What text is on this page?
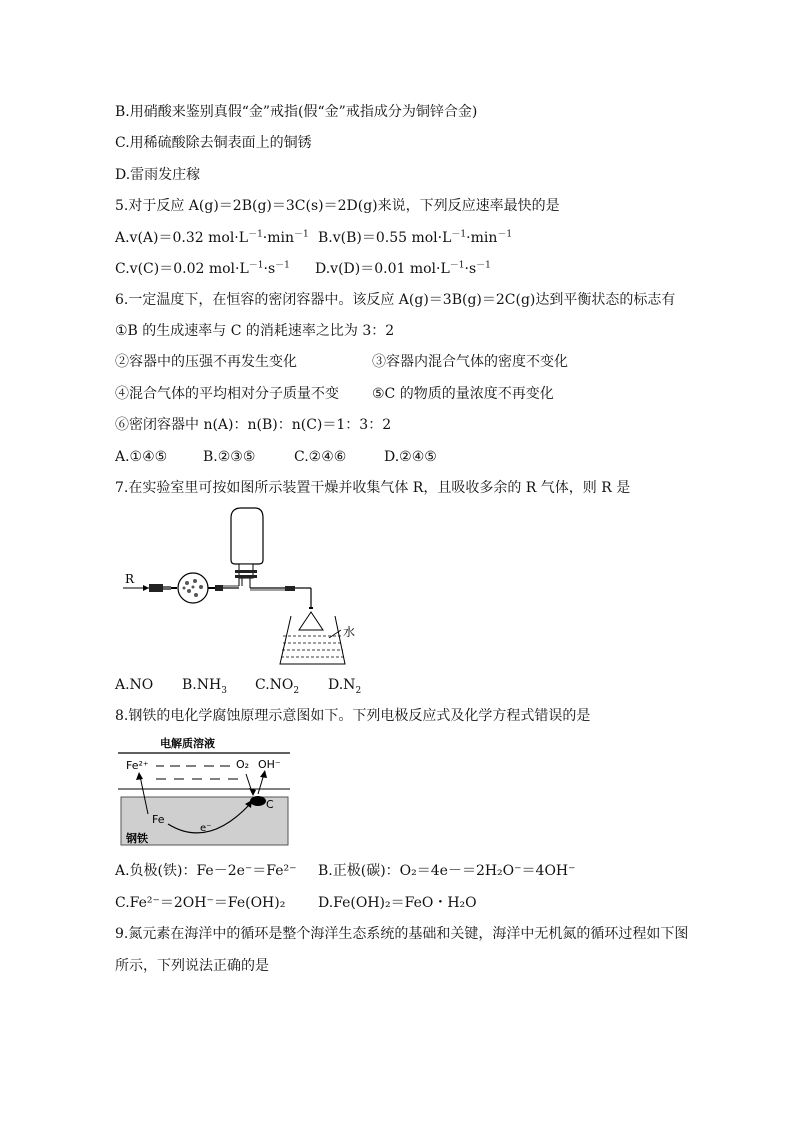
B.用硝酸来鉴别真假“金”戒指(假“金”戒指成分为铜锌合金)
C.用稀硫酸除去铜表面上的铜锈
D.雷雨发庄稼
5.对于反应 A(g)＝2B(g)＝3C(s)＝2D(g)来说，下列反应速率最快的是
A.v(A)＝0.32 $mol\cdot L^{-1}\cdot\min^{-1}$ B.v(B)＝0.55 $mol\cdot L^{-1}\cdot\min^{-1}$
C.v(C)＝0.02 $mol\cdot L^{-1}\cdot s^{-1}$ D.v(D)＝0.01 $mol\cdot L^{-1}\cdot s^{-1}$
6.一定温度下，在恒容的密闭容器中。该反应 A(g)＝3B(g)＝2C(g)达到平衡状态的标志有
①B 的生成速率与 C 的消耗速率之比为 3：2
②容器中的压强不再发生变化	③容器内混合气体的密度不变化
④混合气体的平均相对分子质量不变 ⑤C 的物质的量浓度不再变化
⑥密闭容器中 n(A)：n(B)：n(C)＝1：3：2
A.①④⑤	B.②③⑤	C.②④⑥	D.②④⑤
7.在实验室里可按如图所示装置干燥并收集气体 R，且吸收多余的 R 气体，则 R 是
R
水
A.NO $B.NH_3$ $C.NO_2$ $D.N_2$
8.钢铁的电化学腐蚀原理示意图如下。下列电极反应式及化学方程式错误的是
电解质溶液
Fe²⁺	O₂ OH⁻
钢铁
Fe
e⁻
C
A.负极(铁)：Fe－2e⁻＝Fe²⁻ B.正极(碳)：O₂＝4e－＝2H₂O⁻＝4OH⁻
C.Fe²⁻＝2OH⁻＝Fe(OH)₂ D.Fe(OH)₂＝FeO・H₂O
9.氮元素在海洋中的循环是整个海洋生态系统的基础和关键，海洋中无机氮的循环过程如下图
所示，下列说法正确的是
